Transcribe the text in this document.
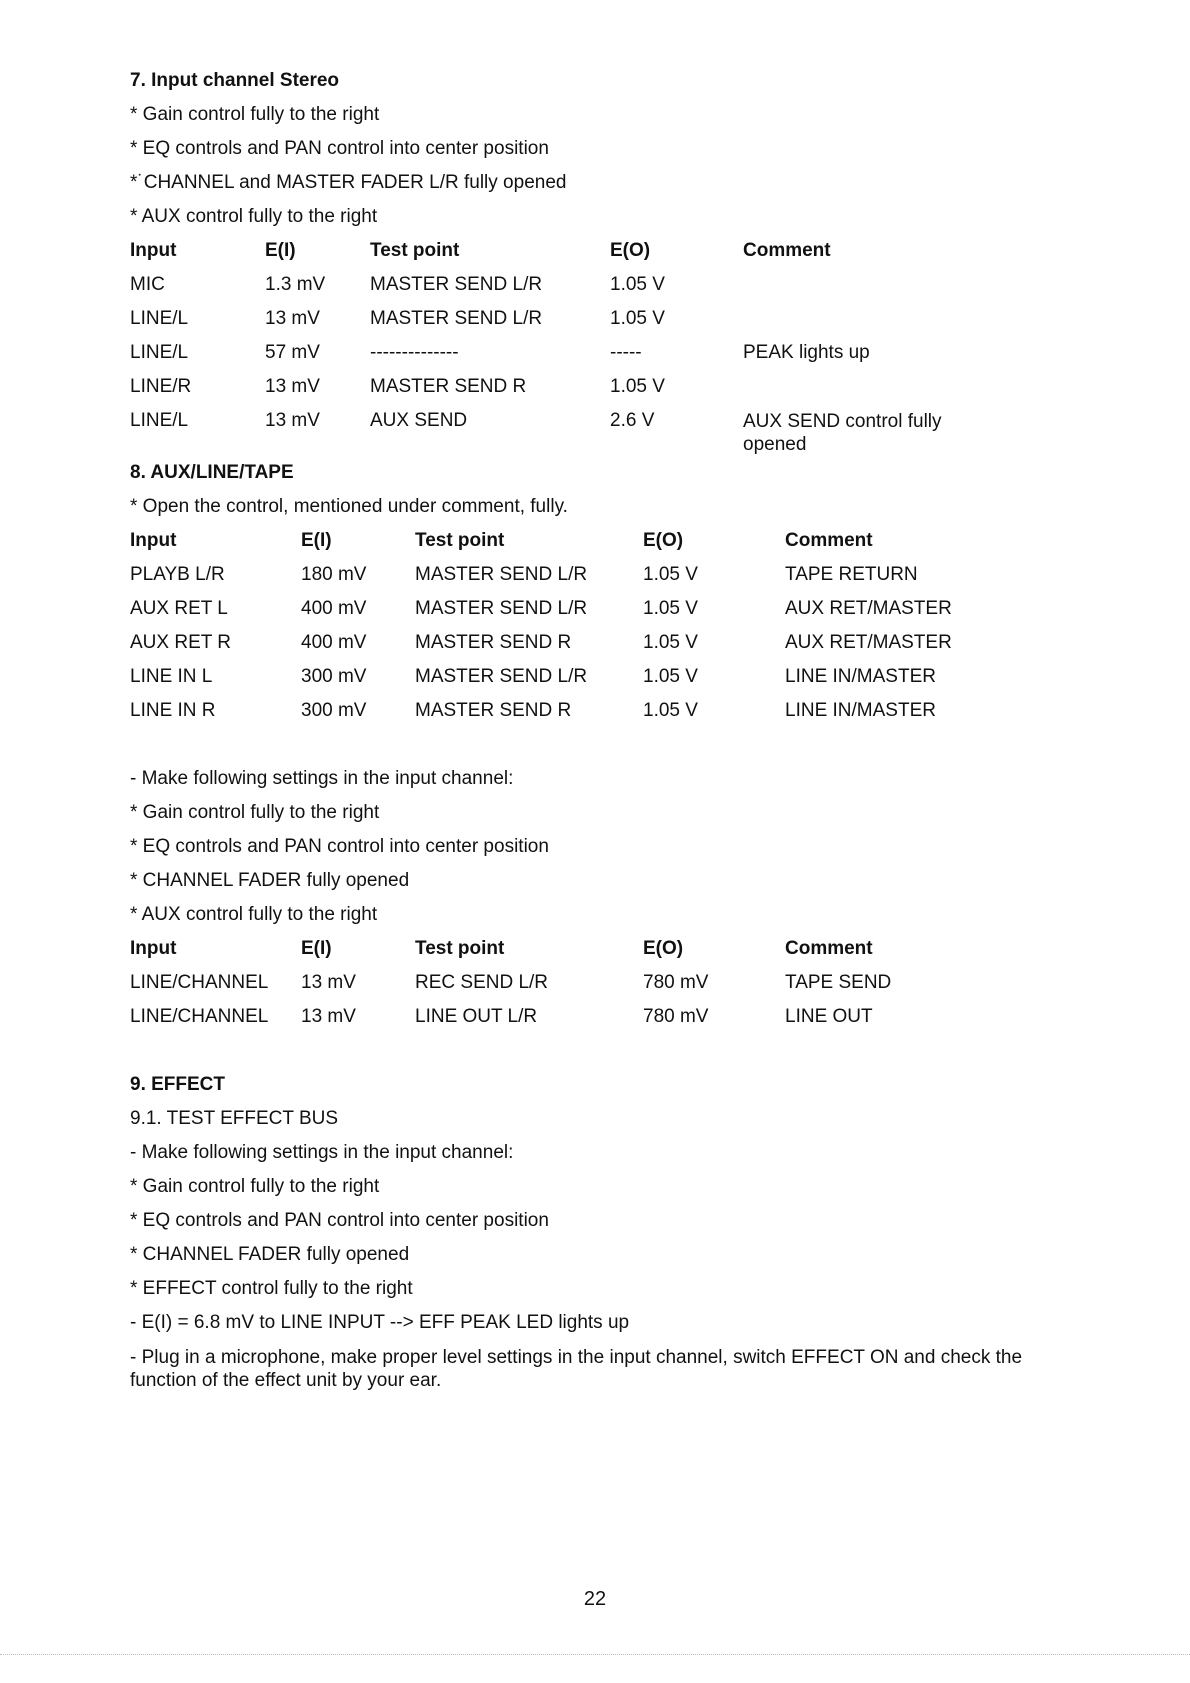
7. Input channel Stereo
* Gain control fully to the right
* EQ controls and PAN control into center position
*˙CHANNEL and MASTER FADER L/R fully opened
* AUX control fully to the right
Input	E(I)	Test point	E(O)	Comment
MIC	1.3 mV	MASTER SEND L/R	1.05 V	
LINE/L	13 mV	MASTER SEND L/R	1.05 V	
LINE/L	57 mV	--------------	-----	PEAK lights up
LINE/R	13 mV	MASTER SEND R	1.05 V	
LINE/L	13 mV	AUX SEND	2.6 V	AUX SEND control fully opened
8. AUX/LINE/TAPE
* Open the control, mentioned under comment, fully.
Input	E(I)	Test point	E(O)	Comment
PLAYB L/R	180 mV	MASTER SEND L/R	1.05 V	TAPE RETURN
AUX RET L	400 mV	MASTER SEND L/R	1.05 V	AUX RET/MASTER
AUX RET R	400 mV	MASTER SEND R	1.05 V	AUX RET/MASTER
LINE IN L	300 mV	MASTER SEND L/R	1.05 V	LINE IN/MASTER
LINE IN R	300 mV	MASTER SEND R	1.05 V	LINE IN/MASTER
- Make following settings in the input channel:
* Gain control fully to the right
* EQ controls and PAN control into center position
* CHANNEL FADER fully opened
* AUX control fully to the right
Input	E(I)	Test point	E(O)	Comment
LINE/CHANNEL	13 mV	REC SEND L/R	780 mV	TAPE SEND
LINE/CHANNEL	13 mV	LINE OUT L/R	780 mV	LINE OUT
9. EFFECT
9.1. TEST EFFECT BUS
- Make following settings in the input channel:
* Gain control fully to the right
* EQ controls and PAN control into center position
* CHANNEL FADER fully opened
* EFFECT control fully to the right
- E(I) = 6.8 mV to LINE INPUT --> EFF PEAK LED lights up
- Plug in a microphone, make proper level settings in the input channel, switch EFFECT ON and check the function of the effect unit by your ear.
22
